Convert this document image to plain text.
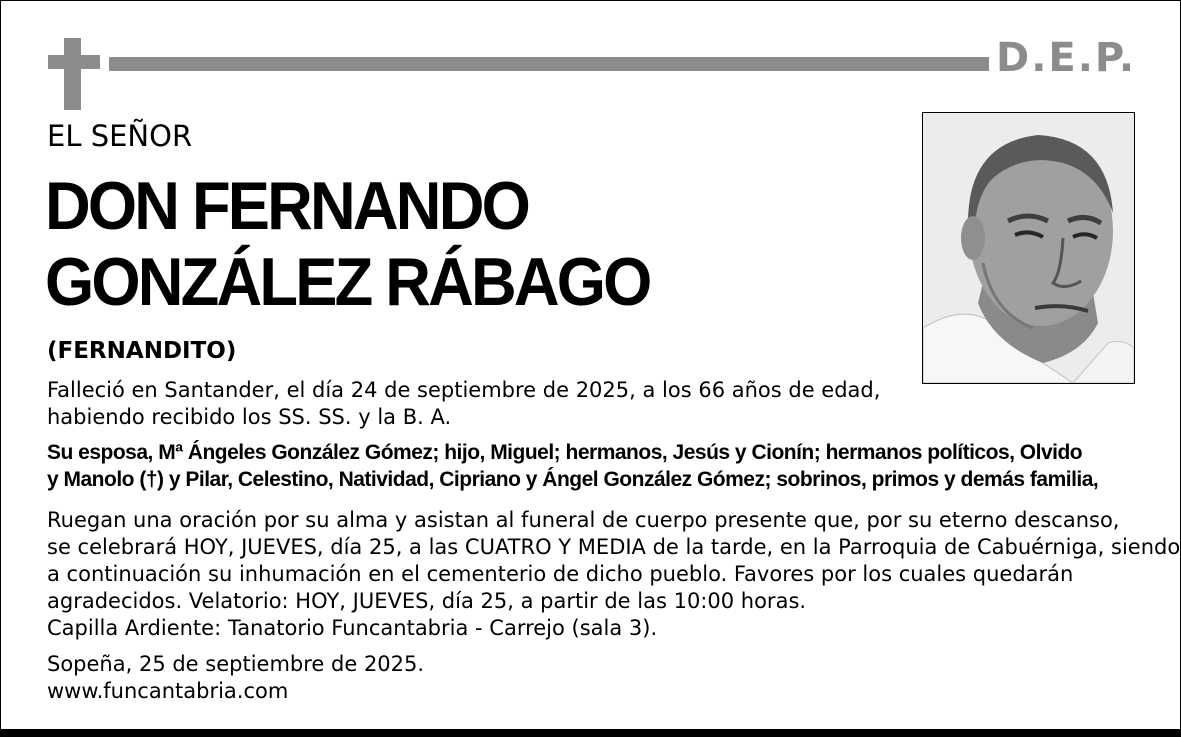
D.E.P.
EL SEÑOR
DON FERNANDO
GONZÁLEZ RÁBAGO
(FERNANDITO)
Falleció en Santander, el día 24 de septiembre de 2025, a los 66 años de edad,
habiendo recibido los SS. SS. y la B. A.
Su esposa, Mª Ángeles González Gómez; hijo, Miguel; hermanos, Jesús y Cionín; hermanos políticos, Olvido
y Manolo (†) y Pilar, Celestino, Natividad, Cipriano y Ángel González Gómez; sobrinos, primos y demás familia,
Ruegan una oración por su alma y asistan al funeral de cuerpo presente que, por su eterno descanso,
se celebrará HOY, JUEVES, día 25, a las CUATRO Y MEDIA de la tarde, en la Parroquia de Cabuérniga, siendo
a continuación su inhumación en el cementerio de dicho pueblo. Favores por los cuales quedarán
agradecidos. Velatorio: HOY, JUEVES, día 25, a partir de las 10:00 horas.
Capilla Ardiente: Tanatorio Funcantabria - Carrejo (sala 3).
Sopeña, 25 de septiembre de 2025.
www.funcantabria.com
